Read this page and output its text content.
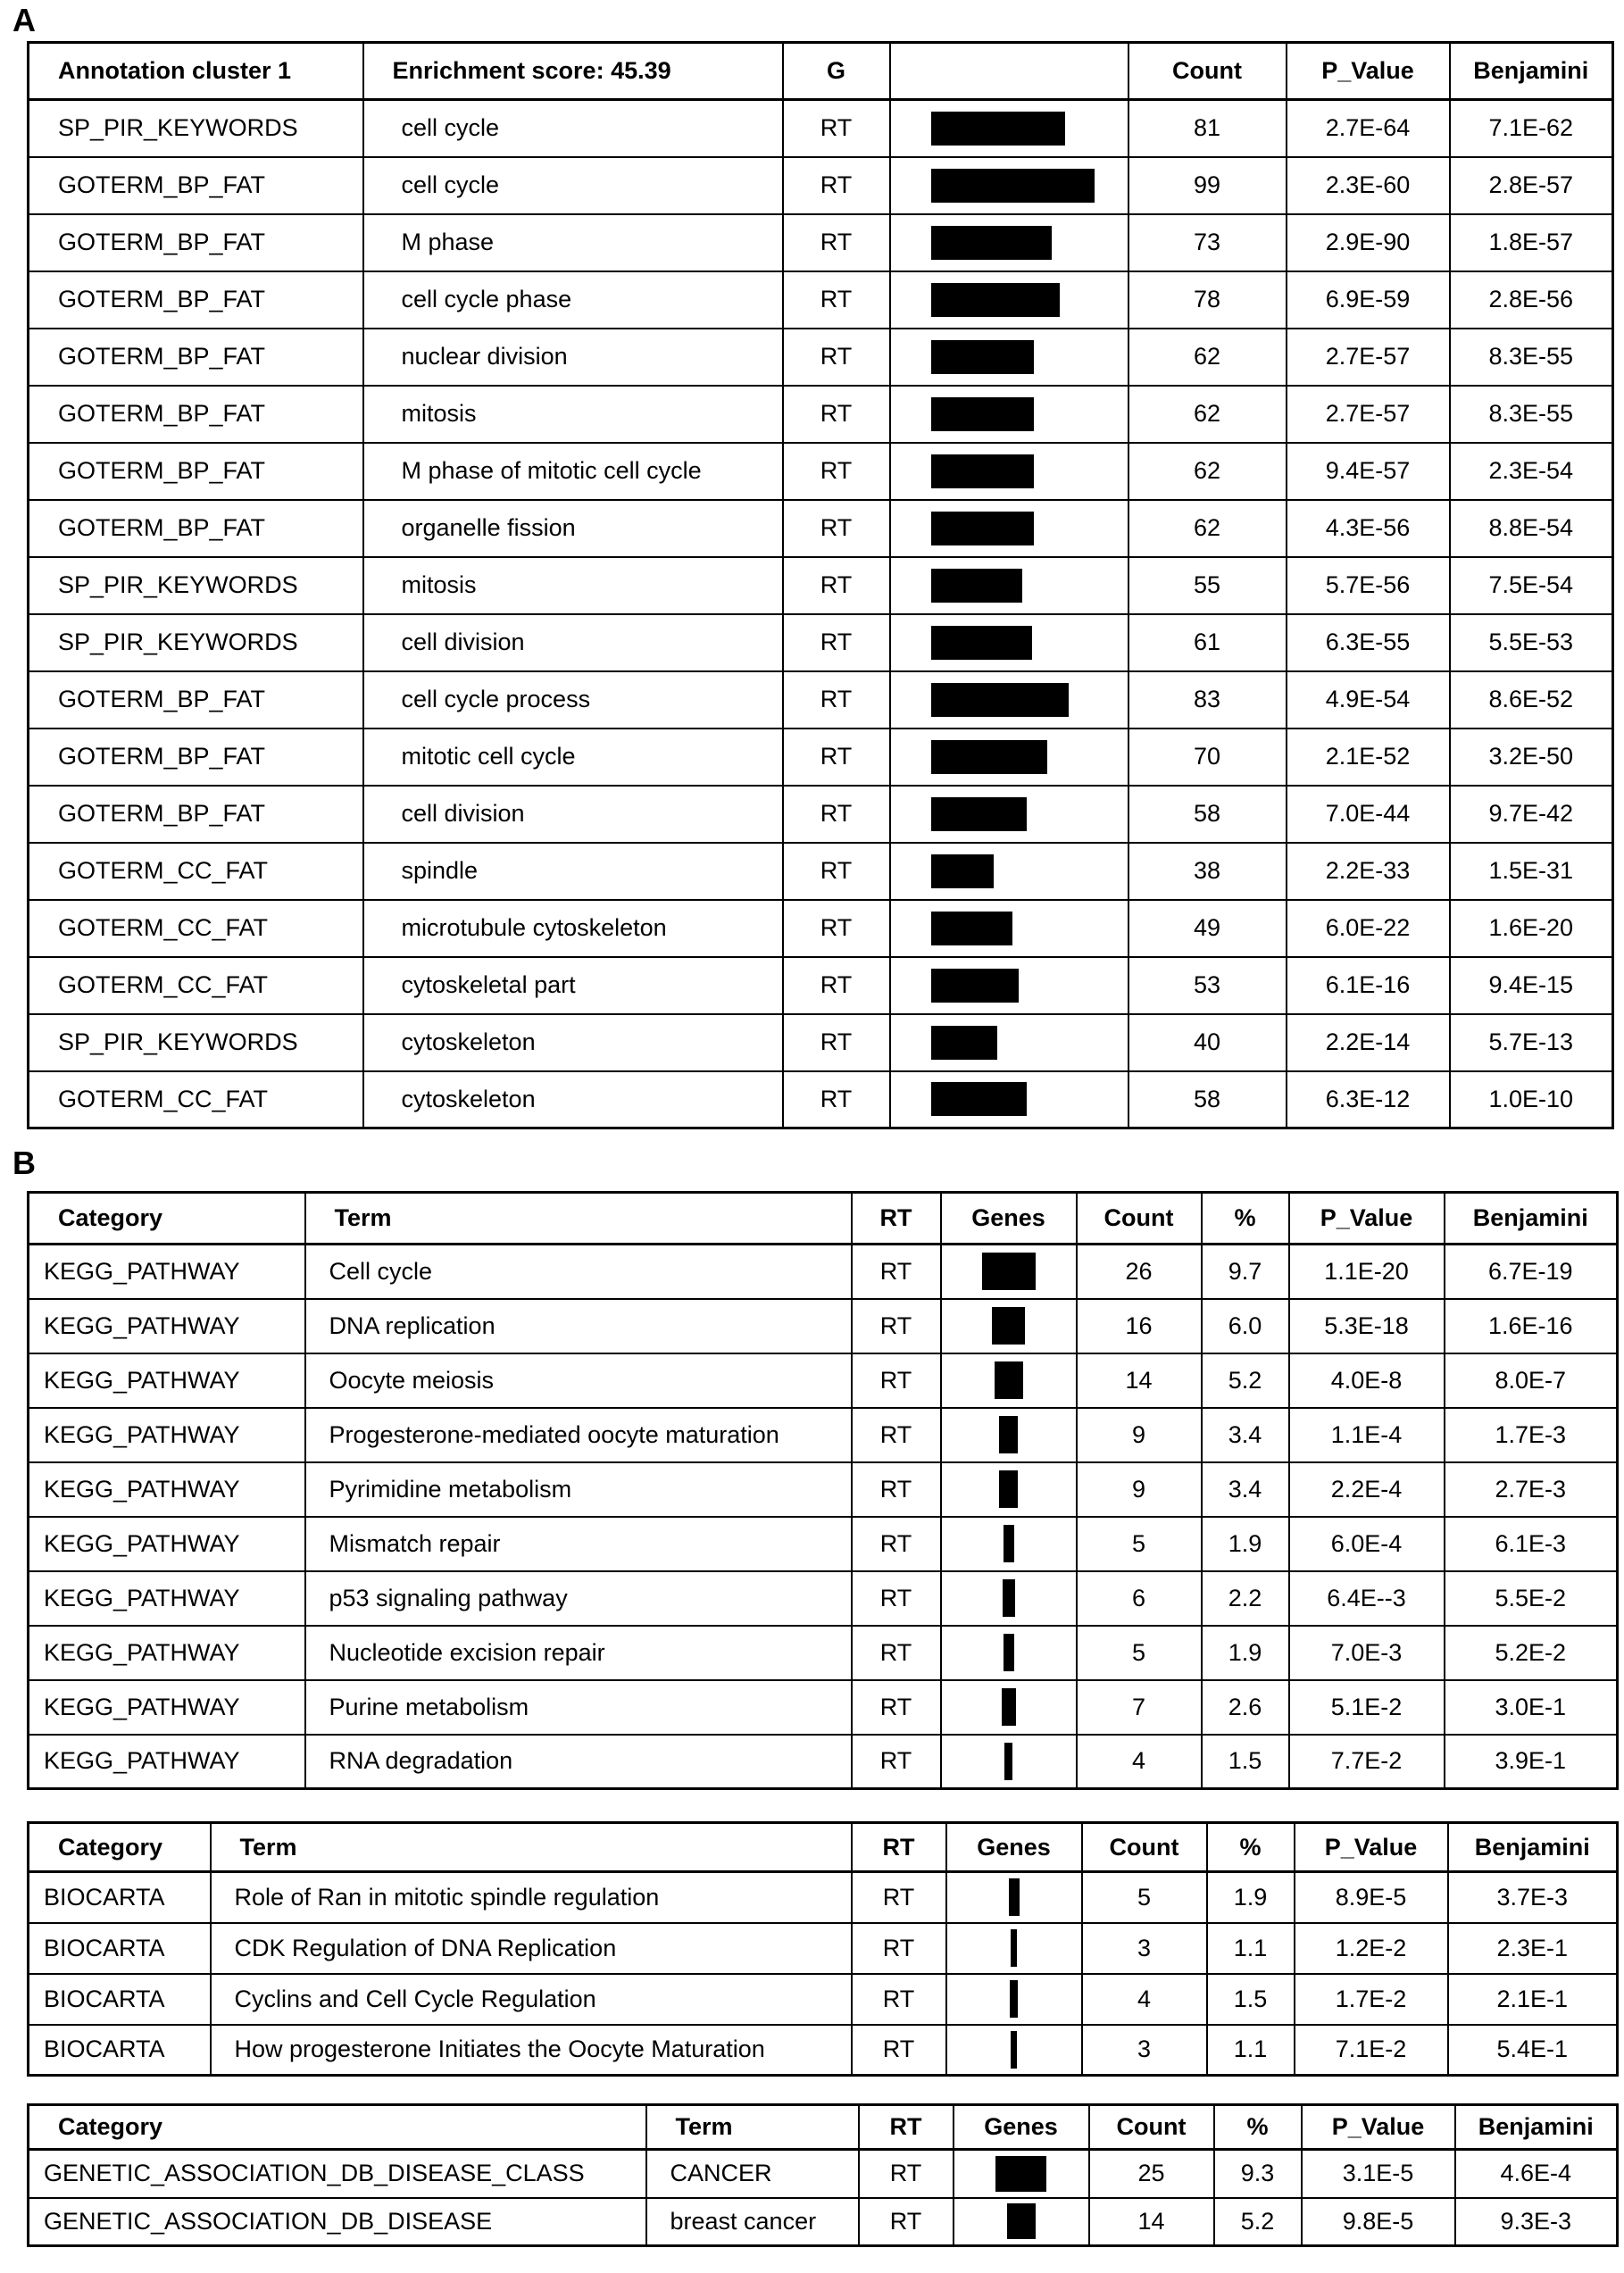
A
Annotation cluster 1	Enrichment score: 45.39	G		Count	P_Value	Benjamini
SP_PIR_KEYWORDS	cell cycle	RT		81	2.7E-64	7.1E-62
GOTERM_BP_FAT	cell cycle	RT		99	2.3E-60	2.8E-57
GOTERM_BP_FAT	M phase	RT		73	2.9E-90	1.8E-57
GOTERM_BP_FAT	cell cycle phase	RT		78	6.9E-59	2.8E-56
GOTERM_BP_FAT	nuclear division	RT		62	2.7E-57	8.3E-55
GOTERM_BP_FAT	mitosis	RT		62	2.7E-57	8.3E-55
GOTERM_BP_FAT	M phase of mitotic cell cycle	RT		62	9.4E-57	2.3E-54
GOTERM_BP_FAT	organelle fission	RT		62	4.3E-56	8.8E-54
SP_PIR_KEYWORDS	mitosis	RT		55	5.7E-56	7.5E-54
SP_PIR_KEYWORDS	cell division	RT		61	6.3E-55	5.5E-53
GOTERM_BP_FAT	cell cycle process	RT		83	4.9E-54	8.6E-52
GOTERM_BP_FAT	mitotic cell cycle	RT		70	2.1E-52	3.2E-50
GOTERM_BP_FAT	cell division	RT		58	7.0E-44	9.7E-42
GOTERM_CC_FAT	spindle	RT		38	2.2E-33	1.5E-31
GOTERM_CC_FAT	microtubule cytoskeleton	RT		49	6.0E-22	1.6E-20
GOTERM_CC_FAT	cytoskeletal part	RT		53	6.1E-16	9.4E-15
SP_PIR_KEYWORDS	cytoskeleton	RT		40	2.2E-14	5.7E-13
GOTERM_CC_FAT	cytoskeleton	RT		58	6.3E-12	1.0E-10
B
Category	Term	RT	Genes	Count	%	P_Value	Benjamini
KEGG_PATHWAY	Cell cycle	RT		26	9.7	1.1E-20	6.7E-19
KEGG_PATHWAY	DNA replication	RT		16	6.0	5.3E-18	1.6E-16
KEGG_PATHWAY	Oocyte meiosis	RT		14	5.2	4.0E-8	8.0E-7
KEGG_PATHWAY	Progesterone-mediated oocyte maturation	RT		9	3.4	1.1E-4	1.7E-3
KEGG_PATHWAY	Pyrimidine metabolism	RT		9	3.4	2.2E-4	2.7E-3
KEGG_PATHWAY	Mismatch repair	RT		5	1.9	6.0E-4	6.1E-3
KEGG_PATHWAY	p53 signaling pathway	RT		6	2.2	6.4E--3	5.5E-2
KEGG_PATHWAY	Nucleotide excision repair	RT		5	1.9	7.0E-3	5.2E-2
KEGG_PATHWAY	Purine metabolism	RT		7	2.6	5.1E-2	3.0E-1
KEGG_PATHWAY	RNA degradation	RT		4	1.5	7.7E-2	3.9E-1
Category	Term	RT	Genes	Count	%	P_Value	Benjamini
BIOCARTA	Role of Ran in mitotic spindle regulation	RT		5	1.9	8.9E-5	3.7E-3
BIOCARTA	CDK Regulation of DNA Replication	RT		3	1.1	1.2E-2	2.3E-1
BIOCARTA	Cyclins and Cell Cycle Regulation	RT		4	1.5	1.7E-2	2.1E-1
BIOCARTA	How progesterone Initiates the Oocyte Maturation	RT		3	1.1	7.1E-2	5.4E-1
Category	Term	RT	Genes	Count	%	P_Value	Benjamini
GENETIC_ASSOCIATION_DB_DISEASE_CLASS	CANCER	RT		25	9.3	3.1E-5	4.6E-4
GENETIC_ASSOCIATION_DB_DISEASE	breast cancer	RT		14	5.2	9.8E-5	9.3E-3
